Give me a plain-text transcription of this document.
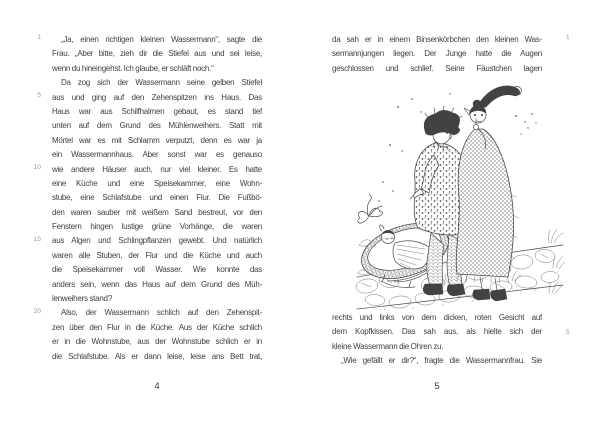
1
5
10
15
20
„Ja, einen richtigen kleinen Wassermann“, sagte die
Frau. „Aber bitte, zieh dir die Stiefel aus und sei leise,
wenn du hineingehst. Ich glaube, er schläft noch.“
Da zog sich der Wassermann seine gelben Stiefel
aus und ging auf den Zehenspitzen ins Haus. Das
Haus war aus Schilfhalmen gebaut, es stand tief
unten auf dem Grund des Mühlenweihers. Statt mit
Mörtel war es mit Schlamm verputzt, denn es war ja
ein Wassermannhaus. Aber sonst war es genauso
wie andere Häuser auch, nur viel kleiner. Es hatte
eine Küche und eine Speisekammer, eine Wohn-
stube, eine Schlafstube und einen Flur. Die Fußbö-
den waren sauber mit weißem Sand bestreut, vor den
Fenstern hingen lustige grüne Vorhänge, die waren
aus Algen und Schlingpflanzen gewebt. Und natürlich
waren alle Stuben, der Flur und die Küche und auch
die Speisekammer voll Wasser. Wie konnte das
anders sein, wenn das Haus auf dem Grund des Müh-
lenweihers stand?
Also, der Wassermann schlich auf den Zehenspit-
zen über den Flur in die Küche. Aus der Küche schlich
er in die Wohnstube, aus der Wohnstube schlich er in
die Schlafstube. Als er dann leise, leise ans Bett trat,
4
da sah er in einem Binsenkörbchen den kleinen Was-
sermannjungen liegen. Der Junge hatte die Augen
geschlossen und schlief. Seine Fäustchen lagen
rechts und links von dem dicken, roten Gesicht auf
dem Kopfkissen. Das sah aus, als hielte sich der
kleine Wassermann die Ohren zu.
„Wie gefällt er dir?“, fragte die Wassermannfrau. Sie
1
5
5
